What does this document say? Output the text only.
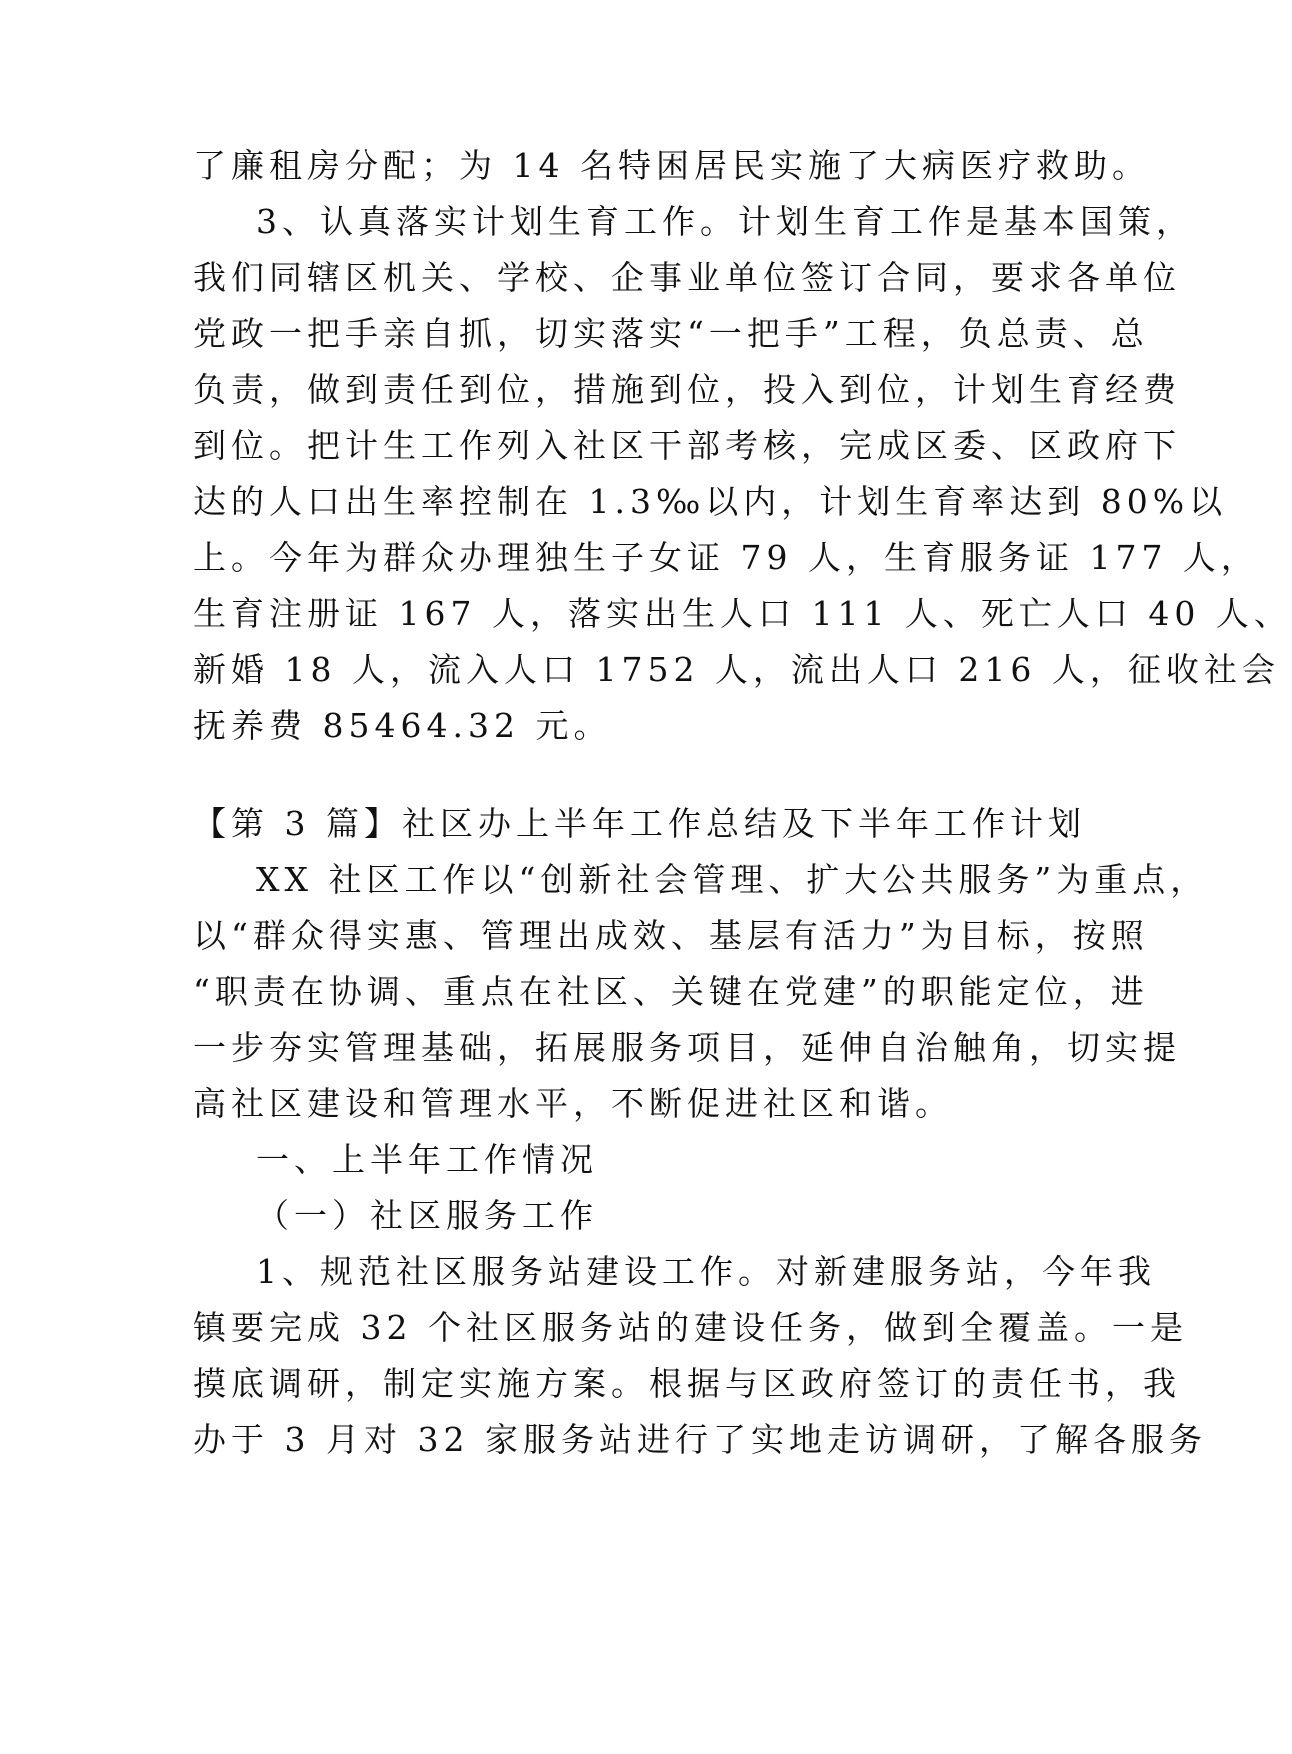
了廉租房分配；为 14 名特困居民实施了大病医疗救助。
3、认真落实计划生育工作。计划生育工作是基本国策，
我们同辖区机关、学校、企事业单位签订合同，要求各单位
党政一把手亲自抓，切实落实“一把手”工程，负总责、总
负责，做到责任到位，措施到位，投入到位，计划生育经费
到位。把计生工作列入社区干部考核，完成区委、区政府下
达的人口出生率控制在 1.3‰以内，计划生育率达到 80%以
上。今年为群众办理独生子女证 79 人，生育服务证 177 人，
生育注册证 167 人，落实出生人口 111 人、死亡人口 40 人、
新婚 18 人，流入人口 1752 人，流出人口 216 人，征收社会
抚养费 85464.32 元。
【第 3 篇】社区办上半年工作总结及下半年工作计划
XX 社区工作以“创新社会管理、扩大公共服务”为重点，
以“群众得实惠、管理出成效、基层有活力”为目标，按照
“职责在协调、重点在社区、关键在党建”的职能定位，进
一步夯实管理基础，拓展服务项目，延伸自治触角，切实提
高社区建设和管理水平，不断促进社区和谐。
一、上半年工作情况
（一）社区服务工作
1、规范社区服务站建设工作。对新建服务站，今年我
镇要完成 32 个社区服务站的建设任务，做到全覆盖。一是
摸底调研，制定实施方案。根据与区政府签订的责任书，我
办于 3 月对 32 家服务站进行了实地走访调研，了解各服务
